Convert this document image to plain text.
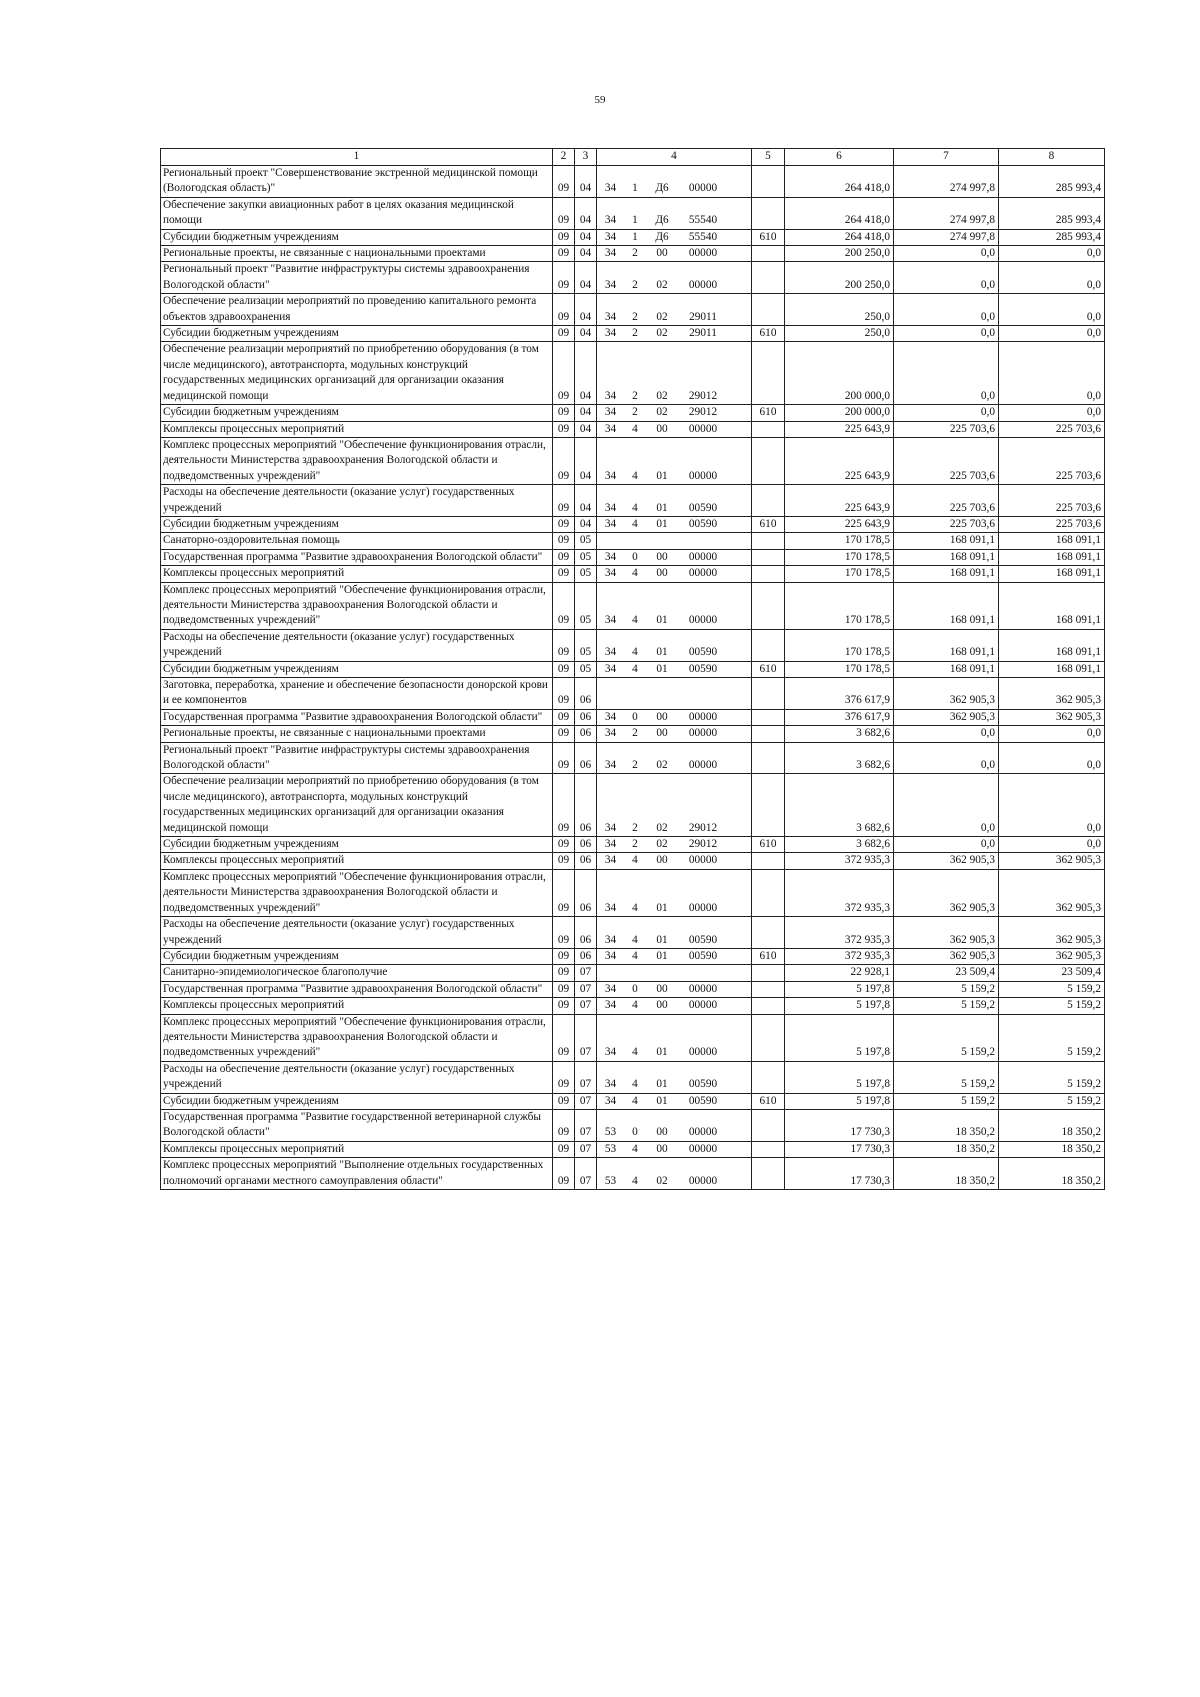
59
1	2	3	4	5	6	7	8
Региональный проект "Совершенствование экстренной медицинской помощи (Вологодская область)"	09	04	34 1 Д6 00000		264 418,0	274 997,8	285 993,4
Обеспечение закупки авиационных работ в целях оказания медицинской помощи	09	04	34 1 Д6 55540		264 418,0	274 997,8	285 993,4
Субсидии бюджетным учреждениям	09	04	34 1 Д6 55540	610	264 418,0	274 997,8	285 993,4
Региональные проекты, не связанные с национальными проектами	09	04	34 2 00 00000		200 250,0	0,0	0,0
Региональный проект "Развитие инфраструктуры системы здравоохранения Вологодской области"	09	04	34 2 02 00000		200 250,0	0,0	0,0
Обеспечение реализации мероприятий по проведению капитального ремонта объектов здравоохранения	09	04	34 2 02 29011		250,0	0,0	0,0
Субсидии бюджетным учреждениям	09	04	34 2 02 29011	610	250,0	0,0	0,0
Обеспечение реализации мероприятий по приобретению оборудования (в том числе медицинского), автотранспорта, модульных конструкций государственных медицинских организаций для организации оказания медицинской помощи	09	04	34 2 02 29012		200 000,0	0,0	0,0
Субсидии бюджетным учреждениям	09	04	34 2 02 29012	610	200 000,0	0,0	0,0
Комплексы процессных мероприятий	09	04	34 4 00 00000		225 643,9	225 703,6	225 703,6
Комплекс процессных мероприятий "Обеспечение функционирования отрасли, деятельности Министерства здравоохранения Вологодской области и подведомственных учреждений"	09	04	34 4 01 00000		225 643,9	225 703,6	225 703,6
Расходы на обеспечение деятельности (оказание услуг) государственных учреждений	09	04	34 4 01 00590		225 643,9	225 703,6	225 703,6
Субсидии бюджетным учреждениям	09	04	34 4 01 00590	610	225 643,9	225 703,6	225 703,6
Санаторно-оздоровительная помощь	09	05			170 178,5	168 091,1	168 091,1
Государственная программа "Развитие здравоохранения Вологодской области"	09	05	34 0 00 00000		170 178,5	168 091,1	168 091,1
Комплексы процессных мероприятий	09	05	34 4 00 00000		170 178,5	168 091,1	168 091,1
Комплекс процессных мероприятий "Обеспечение функционирования отрасли, деятельности Министерства здравоохранения Вологодской области и подведомственных учреждений"	09	05	34 4 01 00000		170 178,5	168 091,1	168 091,1
Расходы на обеспечение деятельности (оказание услуг) государственных учреждений	09	05	34 4 01 00590		170 178,5	168 091,1	168 091,1
Субсидии бюджетным учреждениям	09	05	34 4 01 00590	610	170 178,5	168 091,1	168 091,1
Заготовка, переработка, хранение и обеспечение безопасности донорской крови и ее компонентов	09	06			376 617,9	362 905,3	362 905,3
Государственная программа "Развитие здравоохранения Вологодской области"	09	06	34 0 00 00000		376 617,9	362 905,3	362 905,3
Региональные проекты, не связанные с национальными проектами	09	06	34 2 00 00000		3 682,6	0,0	0,0
Региональный проект "Развитие инфраструктуры системы здравоохранения Вологодской области"	09	06	34 2 02 00000		3 682,6	0,0	0,0
Обеспечение реализации мероприятий по приобретению оборудования (в том числе медицинского), автотранспорта, модульных конструкций государственных медицинских организаций для организации оказания медицинской помощи	09	06	34 2 02 29012		3 682,6	0,0	0,0
Субсидии бюджетным учреждениям	09	06	34 2 02 29012	610	3 682,6	0,0	0,0
Комплексы процессных мероприятий	09	06	34 4 00 00000		372 935,3	362 905,3	362 905,3
Комплекс процессных мероприятий "Обеспечение функционирования отрасли, деятельности Министерства здравоохранения Вологодской области и подведомственных учреждений"	09	06	34 4 01 00000		372 935,3	362 905,3	362 905,3
Расходы на обеспечение деятельности (оказание услуг) государственных учреждений	09	06	34 4 01 00590		372 935,3	362 905,3	362 905,3
Субсидии бюджетным учреждениям	09	06	34 4 01 00590	610	372 935,3	362 905,3	362 905,3
Санитарно-эпидемиологическое благополучие	09	07			22 928,1	23 509,4	23 509,4
Государственная программа "Развитие здравоохранения Вологодской области"	09	07	34 0 00 00000		5 197,8	5 159,2	5 159,2
Комплексы процессных мероприятий	09	07	34 4 00 00000		5 197,8	5 159,2	5 159,2
Комплекс процессных мероприятий "Обеспечение функционирования отрасли, деятельности Министерства здравоохранения Вологодской области и подведомственных учреждений"	09	07	34 4 01 00000		5 197,8	5 159,2	5 159,2
Расходы на обеспечение деятельности (оказание услуг) государственных учреждений	09	07	34 4 01 00590		5 197,8	5 159,2	5 159,2
Субсидии бюджетным учреждениям	09	07	34 4 01 00590	610	5 197,8	5 159,2	5 159,2
Государственная программа "Развитие государственной ветеринарной службы Вологодской области"	09	07	53 0 00 00000		17 730,3	18 350,2	18 350,2
Комплексы процессных мероприятий	09	07	53 4 00 00000		17 730,3	18 350,2	18 350,2
Комплекс процессных мероприятий "Выполнение отдельных государственных полномочий органами местного самоуправления области"	09	07	53 4 02 00000		17 730,3	18 350,2	18 350,2
